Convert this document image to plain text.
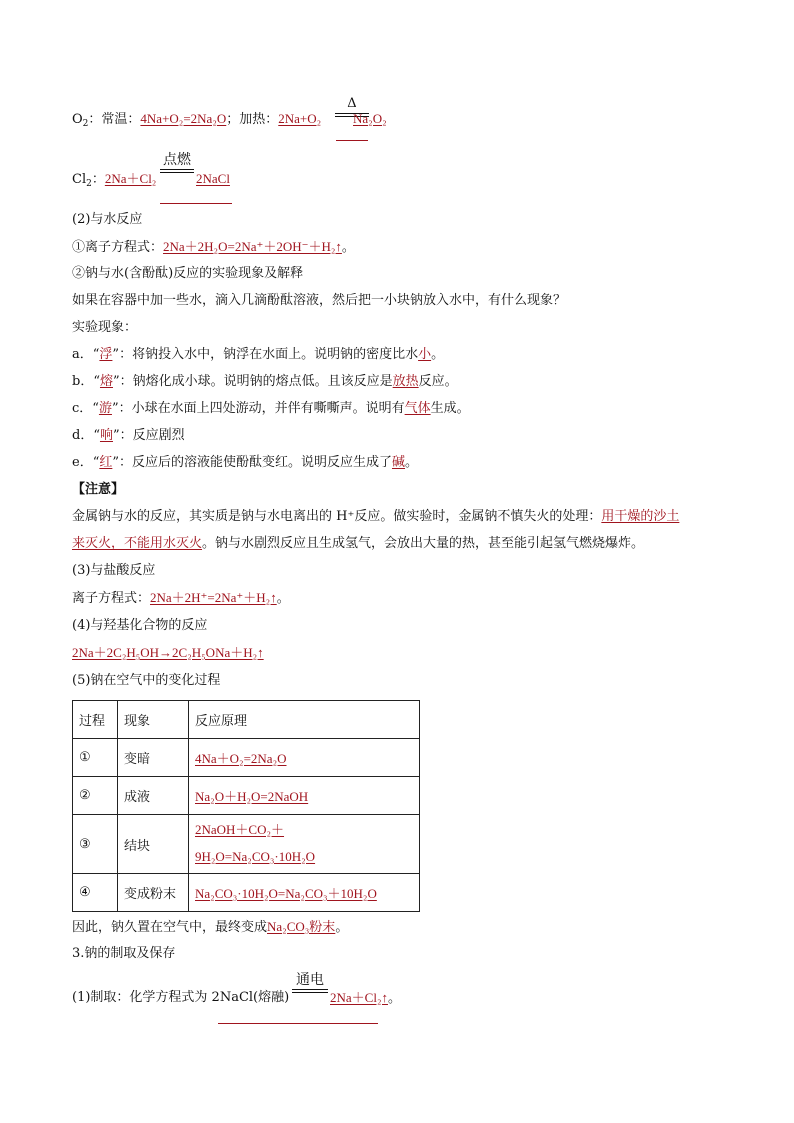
$O_2$：常温：4Na+O₂=2Na₂O；加热：2Na+O₂
Δ
Na₂O₂
$Cl_2$：2Na＋Cl₂
点燃
2NaCl
(2)与水反应
①离子方程式：2Na＋2H₂O=2Na⁺＋2OH⁻＋H₂↑。
②钠与水(含酚酞)反应的实验现象及解释
如果在容器中加一些水，滴入几滴酚酞溶液，然后把一小块钠放入水中，有什么现象？
实验现象：
a．“浮”：将钠投入水中，钠浮在水面上。说明钠的密度比水小。
b．“熔”：钠熔化成小球。说明钠的熔点低。且该反应是放热反应。
c．“游”：小球在水面上四处游动，并伴有嘶嘶声。说明有气体生成。
d．“响”：反应剧烈
e．“红”：反应后的溶液能使酚酞变红。说明反应生成了碱。
【注意】
金属钠与水的反应，其实质是钠与水电离出的 H⁺反应。做实验时，金属钠不慎失火的处理：用干燥的沙土
来灭火，不能用水灭火。钠与水剧烈反应且生成氢气，会放出大量的热，甚至能引起氢气燃烧爆炸。
(3)与盐酸反应
离子方程式：2Na＋2H⁺=2Na⁺＋H₂↑。
(4)与羟基化合物的反应
2Na＋2C₂H₅OH→2C₂H₅ONa＋H₂↑
(5)钠在空气中的变化过程
过程	现象	反应原理
①	变暗	4Na＋O₂=2Na₂O
②	成液	Na₂O＋H₂O=2NaOH
③	结块	2NaOH＋CO₂＋
9H₂O=Na₂CO₃·10H₂O
④	变成粉末	Na₂CO₃·10H₂O=Na₂CO₃＋10H₂O
因此，钠久置在空气中，最终变成Na₂CO₃粉末。
3.钠的制取及保存
(1)制取：化学方程式为 2NaCl(熔融)
通电
2Na＋Cl₂↑。
